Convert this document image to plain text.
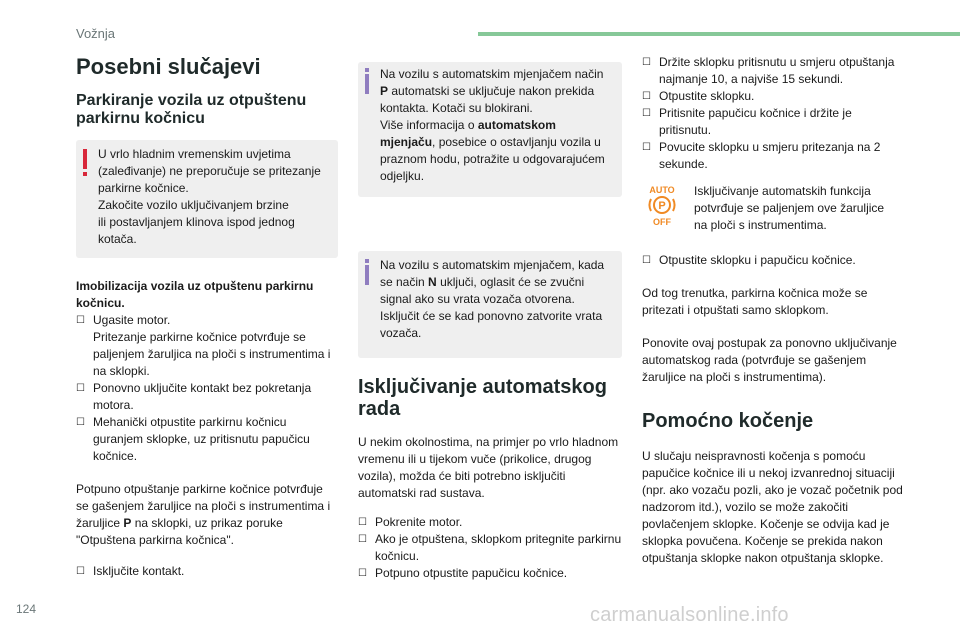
Vožnja
Posebni slučajevi
Parkiranje vozila uz otpuštenu parkirnu kočnicu
U vrlo hladnim vremenskim uvjetima
(zaleđivanje) ne preporučuje se pritezanje
parkirne kočnice.
Zakočite vozilo uključivanjem brzine
ili postavljanjem klinova ispod jednog
kotača.

Imobilizacija vozila uz otpuštenu parkirnu kočnicu.

☐ Ugasite motor.
Pritezanje parkirne kočnice potvrđuje se paljenjem žaruljica na ploči s instrumentima i na sklopki.
☐ Ponovno uključite kontakt bez pokretanja motora.
☐ Mehanički otpustite parkirnu kočnicu guranjem sklopke, uz pritisnutu papučicu kočnice.

Potpuno otpuštanje parkirne kočnice potvrđuje se gašenjem žaruljice na ploči s instrumentima i žaruljice P na sklopki, uz prikaz poruke "Otpuštena parkirna kočnica".

☐ Isključite kontakt.
Na vozilu s automatskim mjenjačem način P automatski se uključuje nakon prekida kontakta. Kotači su blokirani.
Više informacija o automatskom mjenjaču, posebice o ostavljanju vozila u praznom hodu, potražite u odgovarajućem odjeljku.
Na vozilu s automatskim mjenjačem, kada se način N uključi, oglasit će se zvučni signal ako su vrata vozača otvorena. Isključit će se kad ponovno zatvorite vrata vozača.
Isključivanje automatskog rada

U nekim okolnostima, na primjer po vrlo hladnom vremenu ili u tijekom vuče (prikolice, drugog vozila), možda će biti potrebno isključiti automatski rad sustava.

☐ Pokrenite motor.
☐ Ako je otpuštena, sklopkom pritegnite parkirnu kočnicu.
☐ Potpuno otpustite papučicu kočnice.
☐ Držite sklopku pritisnutu u smjeru otpuštanja najmanje 10, a najviše 15 sekundi.
☐ Otpustite sklopku.
☐ Pritisnite papučicu kočnice i držite je pritisnutu.
☐ Povucite sklopku u smjeru pritezanja na 2 sekunde.
AUTO
P
OFF

Isključivanje automatskih funkcija potvrđuje se paljenjem ove žaruljice na ploči s instrumentima.

☐ Otpustite sklopku i papučicu kočnice.

Od tog trenutka, parkirna kočnica može se pritezati i otpuštati samo sklopkom.

Ponovite ovaj postupak za ponovno uključivanje automatskog rada (potvrđuje se gašenjem žaruljice na ploči s instrumentima).

Pomoćno kočenje

U slučaju neispravnosti kočenja s pomoću papučice kočnice ili u nekoj izvanrednoj situaciji (npr. ako vozaču pozli, ako je vozač početnik pod nadzorom itd.), vozilo se može zakočiti povlačenjem sklopke. Kočenje se odvija kad je sklopka povučena. Kočenje se prekida nakon otpuštanja sklopke nakon otpuštanja sklopke.

124	carmanualsonline.info
